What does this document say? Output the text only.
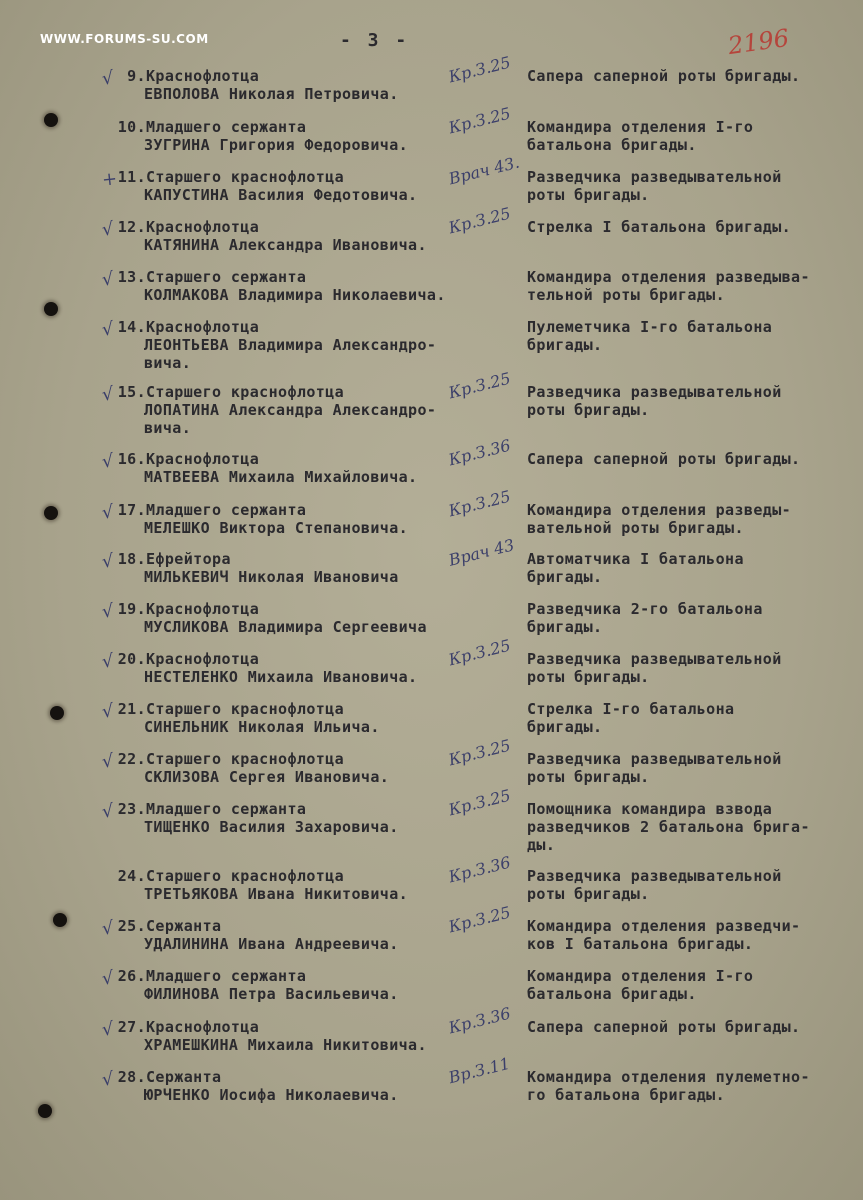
WWW.FORUMS-SU.COM	- 3 -	2196
√ 9.Краснофлотца
ЕВПОЛОВА Николая Петровича.
Сапера саперной роты бригады.
Кр.З.25
10.Младшего сержанта
ЗУГРИНА Григория Федоровича.
Командира отделения I-го
батальона бригады.
Кр.З.25
+ 11.Старшего краснофлотца
КАПУСТИНА Василия Федотовича.
Разведчика разведывательной
роты бригады.
Врач 43.
√ 12.Краснофлотца
КАТЯНИНА Александра Ивановича.
Стрелка I батальона бригады.
Кр.З.25
√ 13.Старшего сержанта
КОЛМАКОВА Владимира Николаевича.
Командира отделения разведыва-
тельной роты бригады.
√ 14.Краснофлотца
ЛЕОНТЬЕВА Владимира Александро-
вича.
Пулеметчика I-го батальона
бригады.
√ 15.Старшего краснофлотца
ЛОПАТИНА Александра Александро-
вича.
Разведчика разведывательной
роты бригады.
Кр.З.25
√ 16.Краснофлотца
МАТВЕЕВА Михаила Михайловича.
Сапера саперной роты бригады.
Кр.З.36
√ 17.Младшего сержанта
МЕЛЕШКО Виктора Степановича.
Командира отделения разведы-
вательной роты бригады.
Кр.З.25
√ 18.Ефрейтора
МИЛЬКЕВИЧ Николая Ивановича
Автоматчика I батальона
бригады.
Врач 43
√ 19.Краснофлотца
МУСЛИКОВА Владимира Сергеевича
Разведчика 2-го батальона
бригады.
√ 20.Краснофлотца
НЕСТЕЛЕНКО Михаила Ивановича.
Разведчика разведывательной
роты бригады.
Кр.З.25
√ 21.Старшего краснофлотца
СИНЕЛЬНИК Николая Ильича.
Стрелка I-го батальона
бригады.
√ 22.Старшего краснофлотца
СКЛИЗОВА Сергея Ивановича.
Разведчика разведывательной
роты бригады.
Кр.З.25
√ 23.Младшего сержанта
ТИЩЕНКО Василия Захаровича.
Помощника командира взвода
разведчиков 2 батальона брига-
ды.
Кр.З.25
24.Старшего краснофлотца
ТРЕТЬЯКОВА Ивана Никитовича.
Разведчика разведывательной
роты бригады.
Кр.З.36
√ 25.Сержанта
УДАЛИНИНА Ивана Андреевича.
Командира отделения разведчи-
ков I батальона бригады.
Кр.З.25
√ 26.Младшего сержанта
ФИЛИНОВА Петра Васильевича.
Командира отделения I-го
батальона бригады.
√ 27.Краснофлотца
ХРАМЕШКИНА Михаила Никитовича.
Сапера саперной роты бригады.
Кр.З.36
√ 28.Сержанта
ЮРЧЕНКО Иосифа Николаевича.
Командира отделения пулеметно-
го батальона бригады.
Вр.З.11
